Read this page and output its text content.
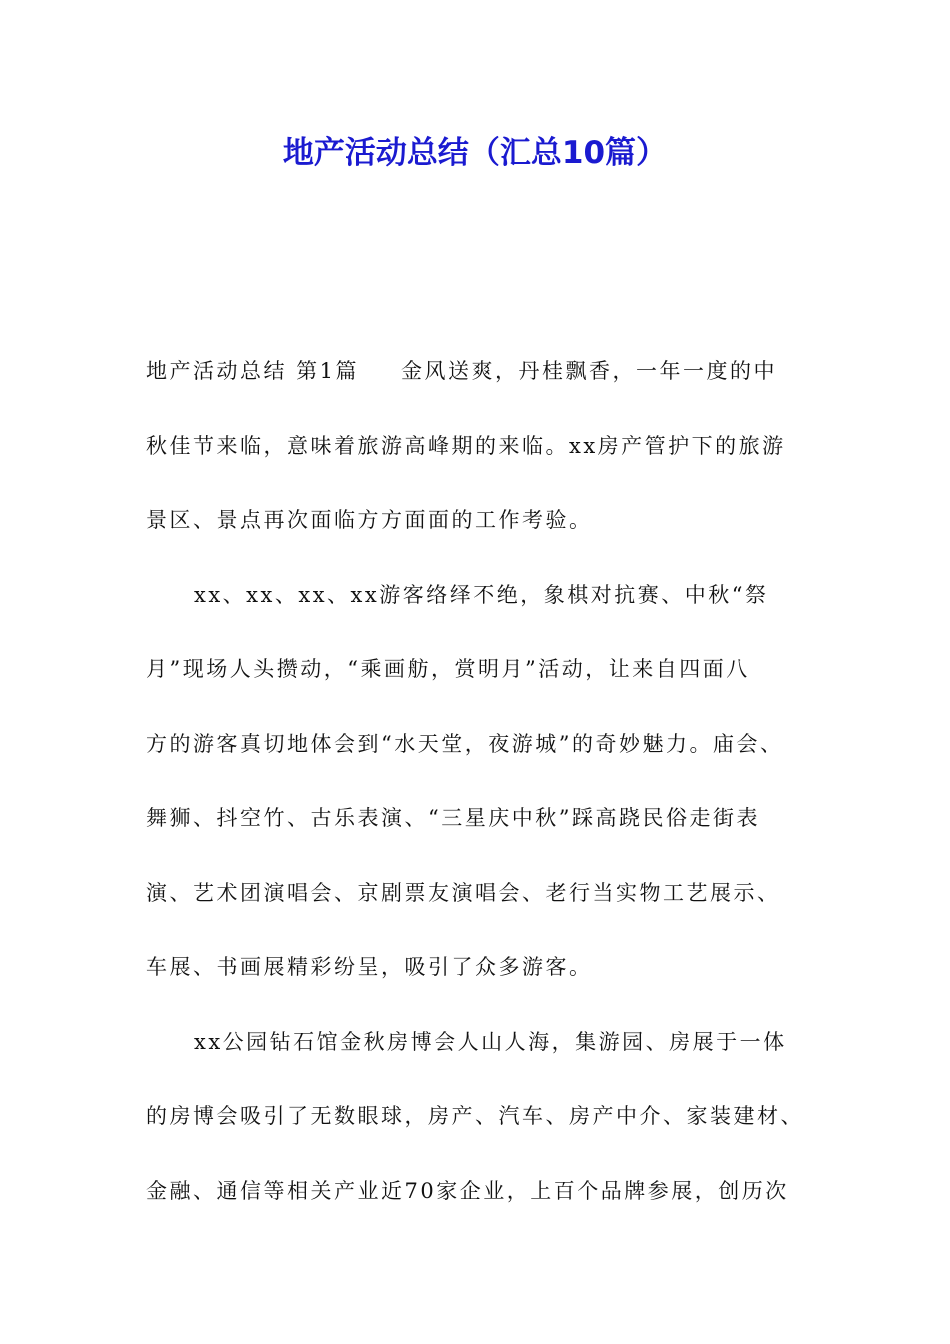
地产活动总结（汇总10篇）
地产活动总结 第1篇 金风送爽，丹桂飘香，一年一度的中
秋佳节来临，意味着旅游高峰期的来临。xx房产管护下的旅游
景区、景点再次面临方方面面的工作考验。
xx、xx、xx、xx游客络绎不绝，象棋对抗赛、中秋“祭
月”现场人头攒动，“乘画舫，赏明月”活动，让来自四面八
方的游客真切地体会到“水天堂，夜游城”的奇妙魅力。庙会、
舞狮、抖空竹、古乐表演、“三星庆中秋”踩高跷民俗走街表
演、艺术团演唱会、京剧票友演唱会、老行当实物工艺展示、
车展、书画展精彩纷呈，吸引了众多游客。
xx公园钻石馆金秋房博会人山人海，集游园、房展于一体
的房博会吸引了无数眼球，房产、汽车、房产中介、家装建材、
金融、通信等相关产业近70家企业，上百个品牌参展，创历次
